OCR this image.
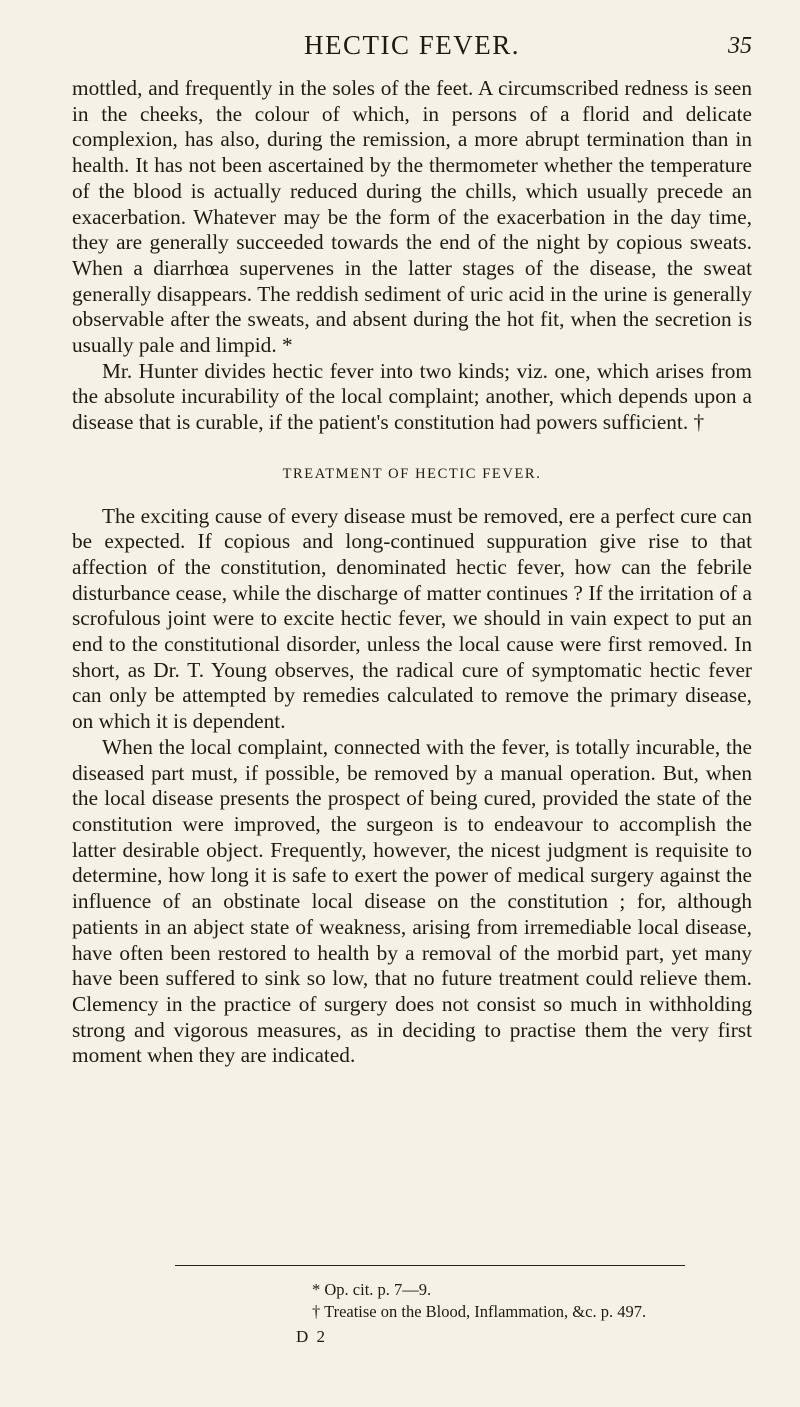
HECTIC FEVER.	35

mottled, and frequently in the soles of the feet. A circumscribed redness is seen in the cheeks, the colour of which, in persons of a florid and delicate complexion, has also, during the remission, a more abrupt termination than in health. It has not been ascertained by the thermometer whether the temperature of the blood is actually reduced during the chills, which usually precede an exacerbation. Whatever may be the form of the exacerbation in the day time, they are generally succeeded towards the end of the night by copious sweats. When a diarrhœa supervenes in the latter stages of the disease, the sweat generally disappears. The reddish sediment of uric acid in the urine is generally observable after the sweats, and absent during the hot fit, when the secretion is usually pale and limpid. *

Mr. Hunter divides hectic fever into two kinds; viz. one, which arises from the absolute incurability of the local complaint; another, which depends upon a disease that is curable, if the patient's constitution had powers sufficient. †

TREATMENT OF HECTIC FEVER.

The exciting cause of every disease must be removed, ere a perfect cure can be expected. If copious and long-continued suppuration give rise to that affection of the constitution, denominated hectic fever, how can the febrile disturbance cease, while the discharge of matter continues ? If the irritation of a scrofulous joint were to excite hectic fever, we should in vain expect to put an end to the constitutional disorder, unless the local cause were first removed. In short, as Dr. T. Young observes, the radical cure of symptomatic hectic fever can only be attempted by remedies calculated to remove the primary disease, on which it is dependent.

When the local complaint, connected with the fever, is totally incurable, the diseased part must, if possible, be removed by a manual operation. But, when the local disease presents the prospect of being cured, provided the state of the constitution were improved, the surgeon is to endeavour to accomplish the latter desirable object. Frequently, however, the nicest judgment is requisite to determine, how long it is safe to exert the power of medical surgery against the influence of an obstinate local disease on the constitution ; for, although patients in an abject state of weakness, arising from irremediable local disease, have often been restored to health by a removal of the morbid part, yet many have been suffered to sink so low, that no future treatment could relieve them. Clemency in the practice of surgery does not consist so much in withholding strong and vigorous measures, as in deciding to practise them the very first moment when they are indicated.

* Op. cit. p. 7—9.

† Treatise on the Blood, Inflammation, &c. p. 497.

D 2
